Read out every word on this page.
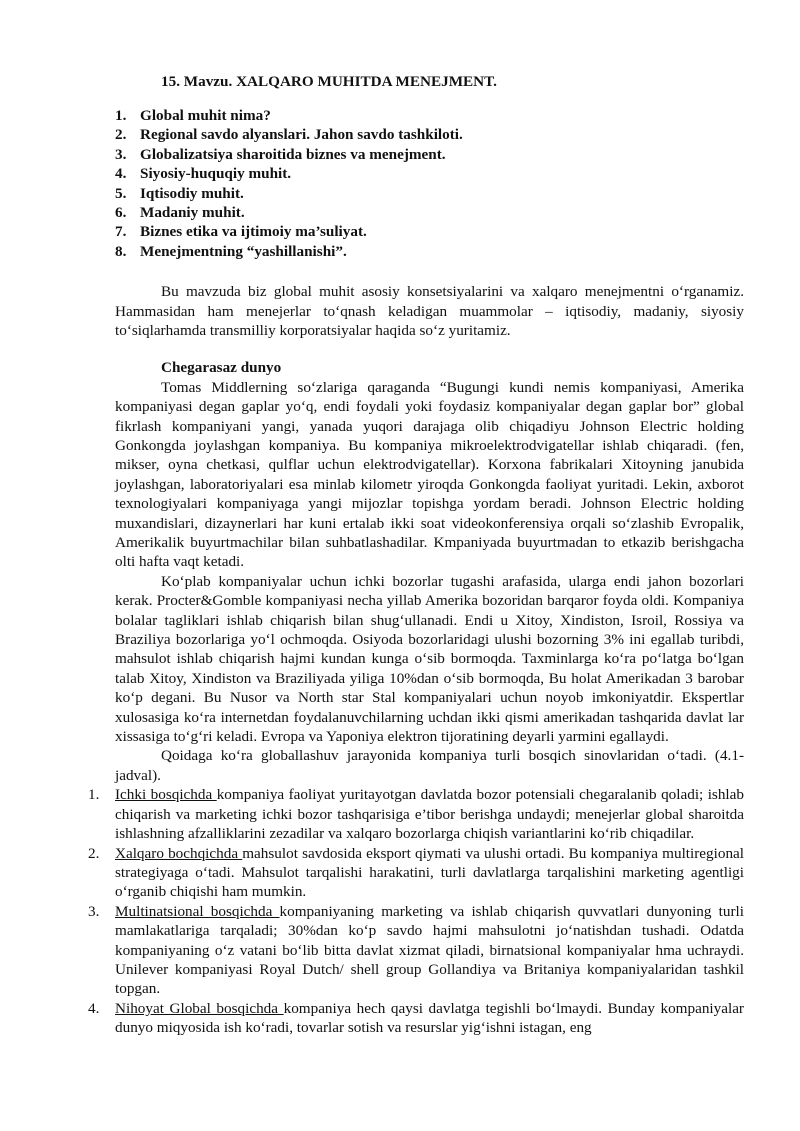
15. Mavzu. XALQARO MUHITDA MENEJMENT.
1. Global muhit nima?
2. Regional savdo alyanslari. Jahon savdo tashkiloti.
3. Globalizatsiya sharoitida biznes va menejment.
4. Siyosiy-huquqiy muhit.
5. Iqtisodiy muhit.
6. Madaniy muhit.
7. Biznes etika va ijtimoiy ma’suliyat.
8. Menejmentning “yashillanishi”.

Bu mavzuda biz global muhit asosiy konsetsiyalarini va xalqaro menejmentni o‘rganamiz. Hammasidan ham menejerlar to‘qnash keladigan muammolar – iqtisodiy, madaniy, siyosiy to‘siqlarhamda transmilliy korporatsiyalar haqida so‘z yuritamiz.

Chegarasaz dunyo

Tomas Middlerning so‘zlariga qaraganda “Bugungi kundi nemis kompaniyasi, Amerika kompaniyasi degan gaplar yo‘q, endi foydali yoki foydasiz kompaniyalar degan gaplar bor” global fikrlash kompaniyani yangi, yanada yuqori darajaga olib chiqadiyu Johnson Electric holding Gonkongda joylashgan kompaniya. Bu kompaniya mikroelektrodvigatellar ishlab chiqaradi. (fen, mikser, oyna chetkasi, qulflar uchun elektrodvigatellar). Korxona fabrikalari Xitoyning janubida joylashgan, laboratoriyalari esa minlab kilometr yiroqda Gonkongda faoliyat yuritadi. Lekin, axborot texnologiyalari kompaniyaga yangi mijozlar topishga yordam beradi. Johnson Electric holding muxandislari, dizaynerlari har kuni ertalab ikki soat videokonferensiya orqali so‘zlashib Evropalik, Amerikalik buyurtmachilar bilan suhbatlashadilar. Kmpaniyada buyurtmadan to etkazib berishgacha olti hafta vaqt ketadi.

Ko‘plab kompaniyalar uchun ichki bozorlar tugashi arafasida, ularga endi jahon bozorlari kerak. Procter&Gomble kompaniyasi necha yillab Amerika bozoridan barqaror foyda oldi. Kompaniya bolalar tagliklari ishlab chiqarish bilan shug‘ullanadi. Endi u Xitoy, Xindiston, Isroil, Rossiya va Braziliya bozorlariga yo‘l ochmoqda. Osiyoda bozorlaridagi ulushi bozorning 3% ini egallab turibdi, mahsulot ishlab chiqarish hajmi kundan kunga o‘sib bormoqda. Taxminlarga ko‘ra po‘latga bo‘lgan talab Xitoy, Xindiston va Braziliyada yiliga 10%dan o‘sib bormoqda, Bu holat Amerikadan 3 barobar ko‘p degani. Bu Nusor va North star Stal kompaniyalari uchun noyob imkoniyatdir. Ekspertlar xulosasiga ko‘ra internetdan foydalanuvchilarning uchdan ikki qismi amerikadan tashqarida davlat lar xissasiga to‘g‘ri keladi. Evropa va Yaponiya elektron tijoratining deyarli yarmini egallaydi.

Qoidaga ko‘ra globallashuv jarayonida kompaniya turli bosqich sinovlaridan o‘tadi. (4.1-jadval).

1.	Ichki bosqichda kompaniya faoliyat yuritayotgan davlatda bozor potensiali chegaralanib qoladi; ishlab chiqarish va marketing ichki bozor tashqarisiga e’tibor berishga undaydi; menejerlar global sharoitda ishlashning afzalliklarini zezadilar va xalqaro bozorlarga chiqish variantlarini ko‘rib chiqadilar.
2.	Xalqaro bochqichda mahsulot savdosida eksport qiymati va ulushi ortadi. Bu kompaniya multiregional strategiyaga o‘tadi. Mahsulot tarqalishi harakatini, turli davlatlarga tarqalishini marketing agentligi o‘rganib chiqishi ham mumkin.
3.	Multinatsional bosqichda kompaniyaning marketing va ishlab chiqarish quvvatlari dunyoning turli mamlakatlariga tarqaladi; 30%dan ko‘p savdo hajmi mahsulotni jo‘natishdan tushadi. Odatda kompaniyaning o‘z vatani bo‘lib bitta davlat xizmat qiladi, birnatsional kompaniyalar hma uchraydi. Unilever kompaniyasi Royal Dutch/ shell group Gollandiya va Britaniya kompaniyalaridan tashkil topgan.
4.	Nihoyat Global bosqichda kompaniya hech qaysi davlatga tegishli bo‘lmaydi. Bunday kompaniyalar dunyo miqyosida ish ko‘radi, tovarlar sotish va resurslar yig‘ishni istagan, eng
